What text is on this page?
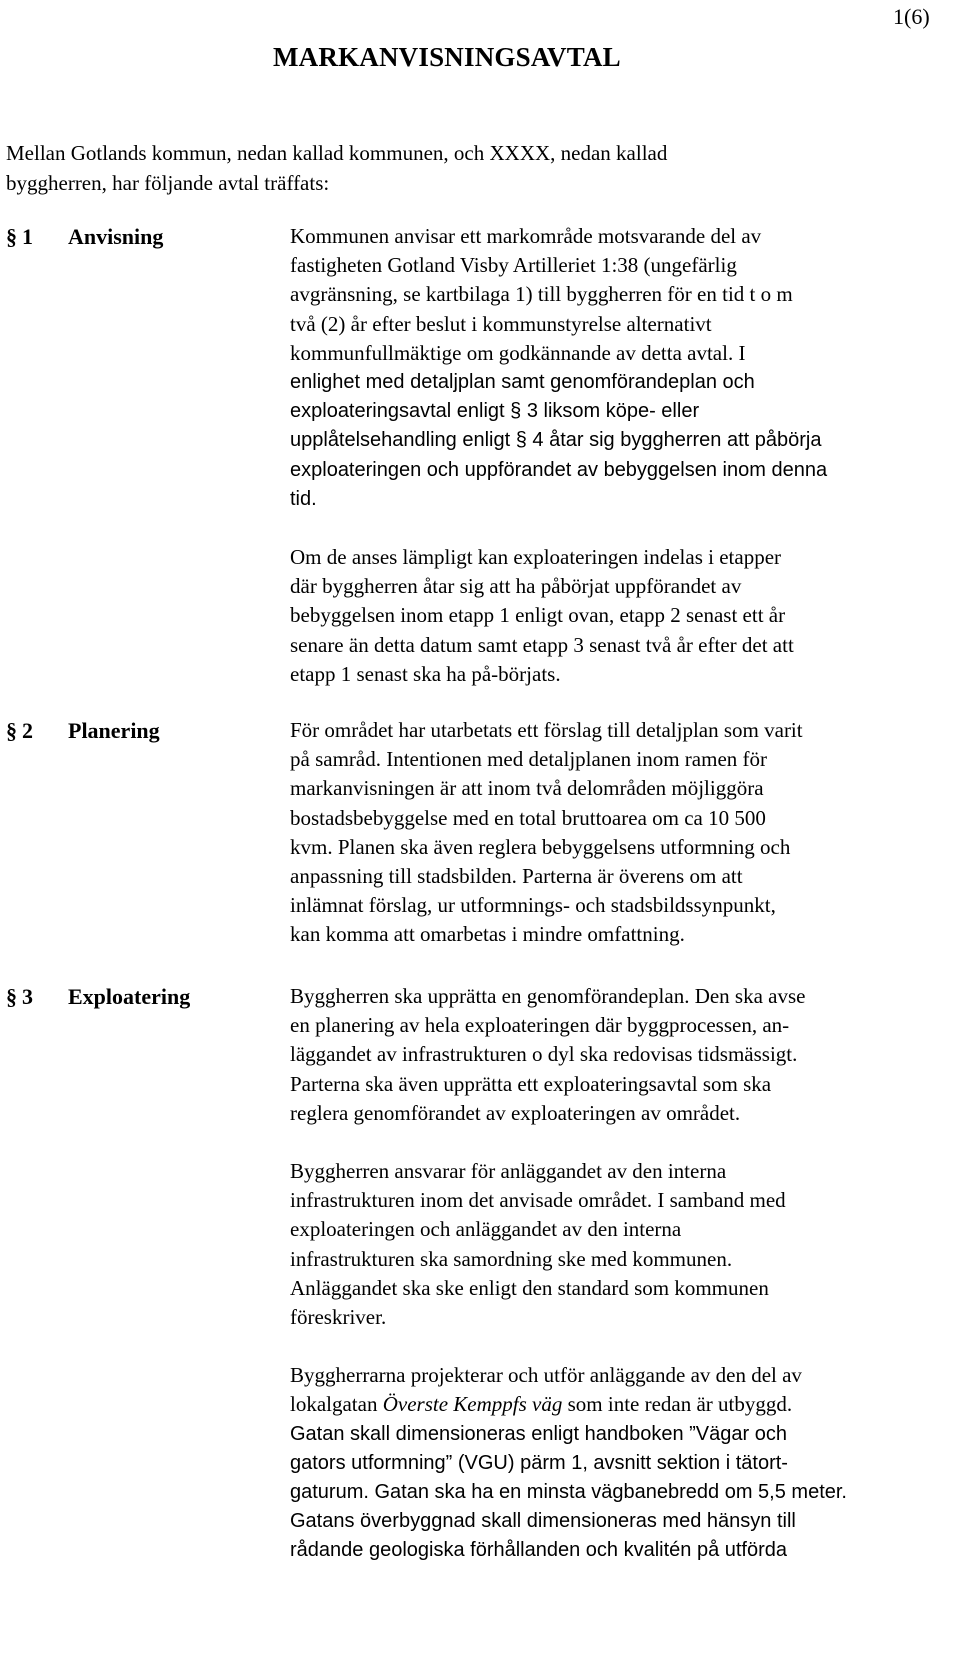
1(6)
MARKANVISNINGSAVTAL
Mellan Gotlands kommun, nedan kallad kommunen, och XXXX, nedan kallad
byggherren, har följande avtal träffats:
§ 1	Anvisning	Kommunen anvisar ett markområde motsvarande del av
fastigheten Gotland Visby Artilleriet 1:38 (ungefärlig
avgränsning, se kartbilaga 1) till byggherren för en tid t o m
två (2) år efter beslut i kommunstyrelse alternativt
kommunfullmäktige om godkännande av detta avtal. I
enlighet med detaljplan samt genomförandeplan och
exploateringsavtal enligt § 3 liksom köpe- eller
upplåtelsehandling enligt § 4 åtar sig byggherren att påbörja
exploateringen och uppförandet av bebyggelsen inom denna
tid.

Om de anses lämpligt kan exploateringen indelas i etapper
där byggherren åtar sig att ha påbörjat uppförandet av
bebyggelsen inom etapp 1 enligt ovan, etapp 2 senast ett år
senare än detta datum samt etapp 3 senast två år efter det att
etapp 1 senast ska ha på-börjats.

§ 2	Planering	För området har utarbetats ett förslag till detaljplan som varit
på samråd. Intentionen med detaljplanen inom ramen för
markanvisningen är att inom två delområden möjliggöra
bostadsbebyggelse med en total bruttoarea om ca 10 500
kvm. Planen ska även reglera bebyggelsens utformning och
anpassning till stadsbilden. Parterna är överens om att
inlämnat förslag, ur utformnings- och stadsbildssynpunkt,
kan komma att omarbetas i mindre omfattning.

§ 3	Exploatering	Byggherren ska upprätta en genomförandeplan. Den ska avse
en planering av hela exploateringen där byggprocessen, an-
läggandet av infrastrukturen o dyl ska redovisas tidsmässigt.
Parterna ska även upprätta ett exploateringsavtal som ska
reglera genomförandet av exploateringen av området.

Byggherren ansvarar för anläggandet av den interna
infrastrukturen inom det anvisade området. I samband med
exploateringen och anläggandet av den interna
infrastrukturen ska samordning ske med kommunen.
Anläggandet ska ske enligt den standard som kommunen
föreskriver.

Byggherrarna projekterar och utför anläggande av den del av
lokalgatan Överste Kemppfs väg som inte redan är utbyggd.
Gatan skall dimensioneras enligt handboken ”Vägar och
gators utformning” (VGU) pärm 1, avsnitt sektion i tätort-
gaturum. Gatan ska ha en minsta vägbanebredd om 5,5 meter.
Gatans överbyggnad skall dimensioneras med hänsyn till
rådande geologiska förhållanden och kvalitén på utförda
